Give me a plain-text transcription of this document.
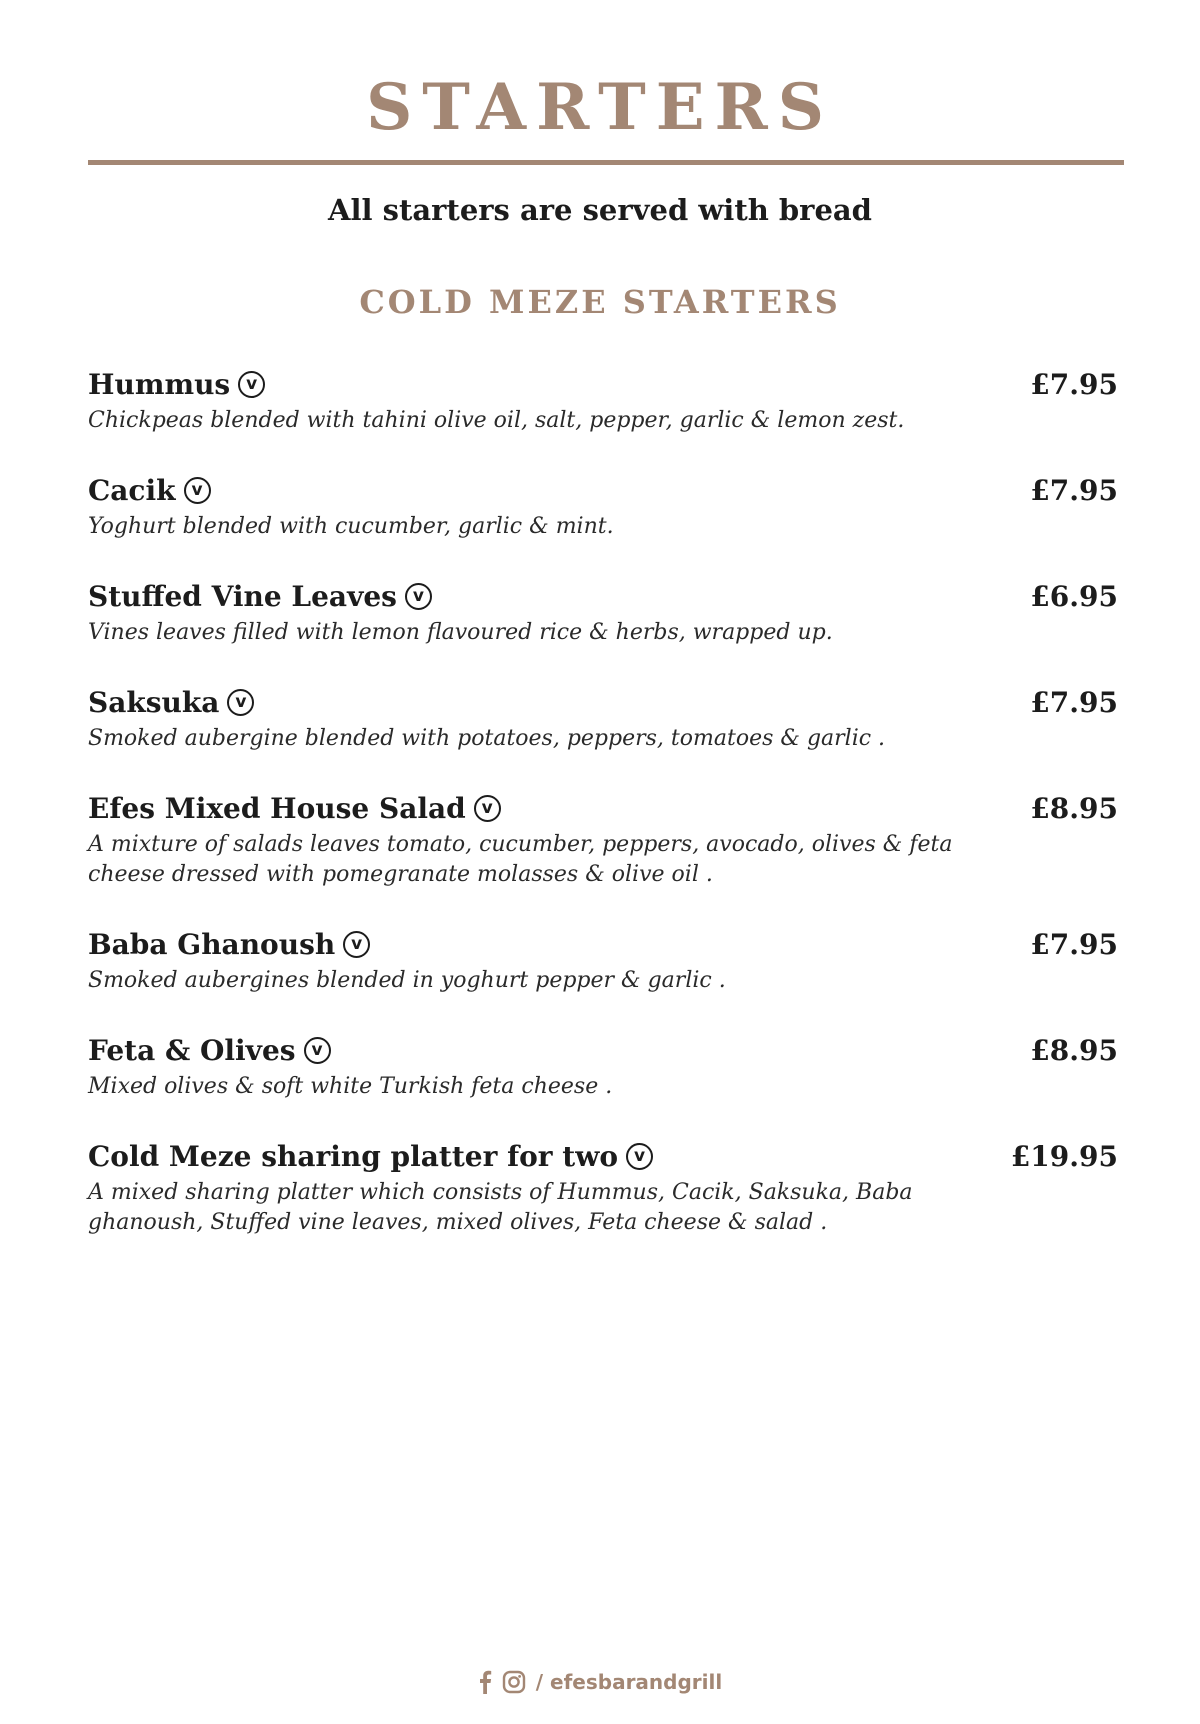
STARTERS
All starters are served with bread
COLD MEZE STARTERS
Hummus v	£7.95
Chickpeas blended with tahini olive oil, salt, pepper, garlic & lemon zest.
Cacik v	£7.95
Yoghurt blended with cucumber, garlic & mint.
Stuffed Vine Leaves v	£6.95
Vines leaves filled with lemon flavoured rice & herbs, wrapped up.
Saksuka v	£7.95
Smoked aubergine blended with potatoes, peppers, tomatoes & garlic .
Efes Mixed House Salad v	£8.95
A mixture of salads leaves tomato, cucumber, peppers, avocado, olives & feta cheese dressed with pomegranate molasses & olive oil .
Baba Ghanoush v	£7.95
Smoked aubergines blended in yoghurt pepper & garlic .
Feta & Olives v	£8.95
Mixed olives & soft white Turkish feta cheese .
Cold Meze sharing platter for two v	£19.95
A mixed sharing platter which consists of Hummus, Cacik, Saksuka, Baba ghanoush, Stuffed vine leaves, mixed olives, Feta cheese & salad .
/ efesbarandgrill
